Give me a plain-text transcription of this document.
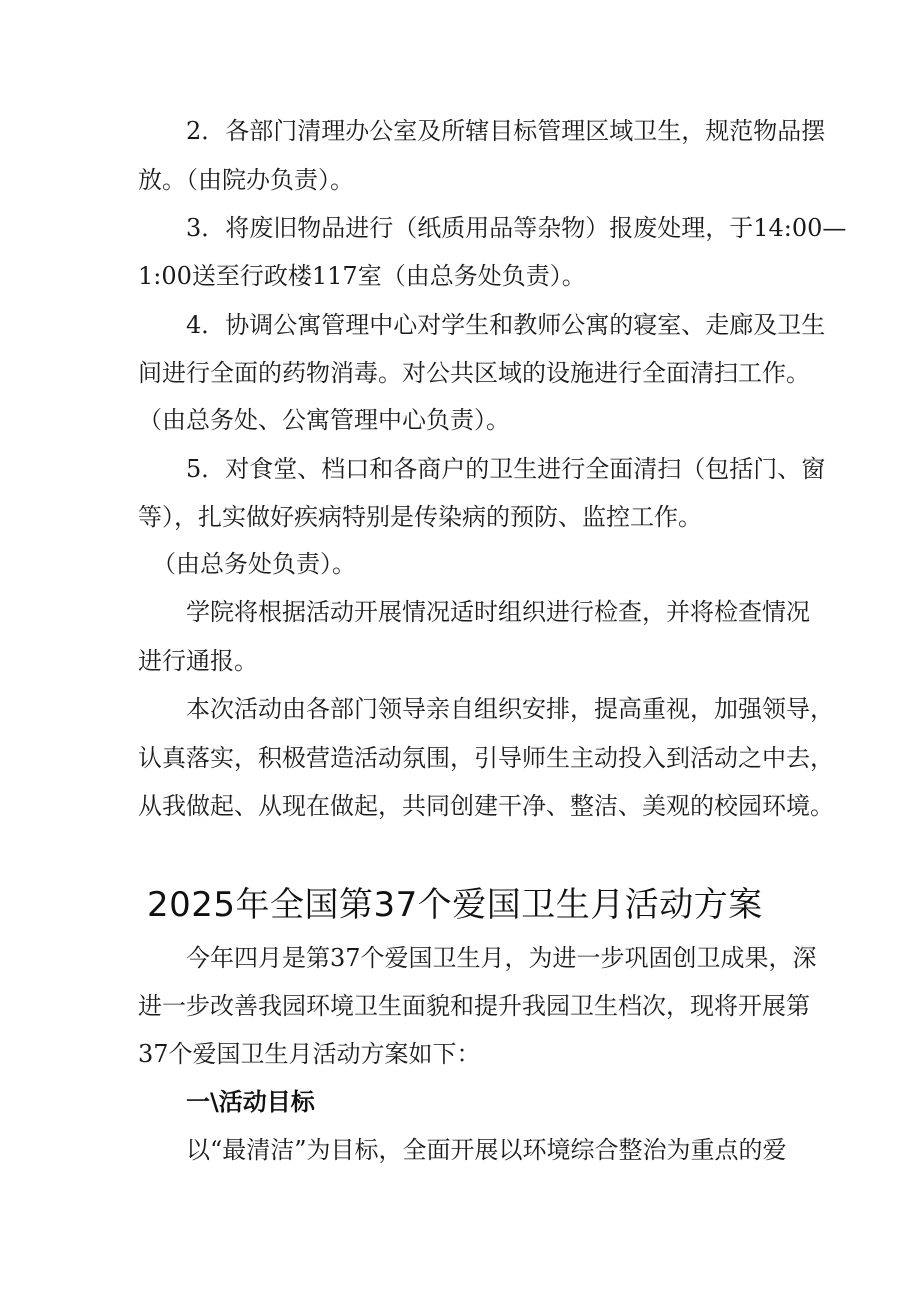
2．各部门清理办公室及所辖目标管理区域卫生，规范物品摆
放。（由院办负责）。
3．将废旧物品进行（纸质用品等杂物）报废处理，于14:00—
1:00送至行政楼117室（由总务处负责）。
4．协调公寓管理中心对学生和教师公寓的寝室、走廊及卫生
间进行全面的药物消毒。对公共区域的设施进行全面清扫工作。
（由总务处、公寓管理中心负责）。
5．对食堂、档口和各商户的卫生进行全面清扫（包括门、窗
等），扎实做好疾病特别是传染病的预防、监控工作。
（由总务处负责）。
学院将根据活动开展情况适时组织进行检查，并将检查情况
进行通报。
本次活动由各部门领导亲自组织安排，提高重视，加强领导，
认真落实，积极营造活动氛围，引导师生主动投入到活动之中去，
从我做起、从现在做起，共同创建干净、整洁、美观的校园环境。
2025年全国第37个爱国卫生月活动方案
今年四月是第37个爱国卫生月，为进一步巩固创卫成果，深
进一步改善我园环境卫生面貌和提升我园卫生档次，现将开展第
37个爱国卫生月活动方案如下：
一\活动目标
以“最清洁”为目标，全面开展以环境综合整治为重点的爱
